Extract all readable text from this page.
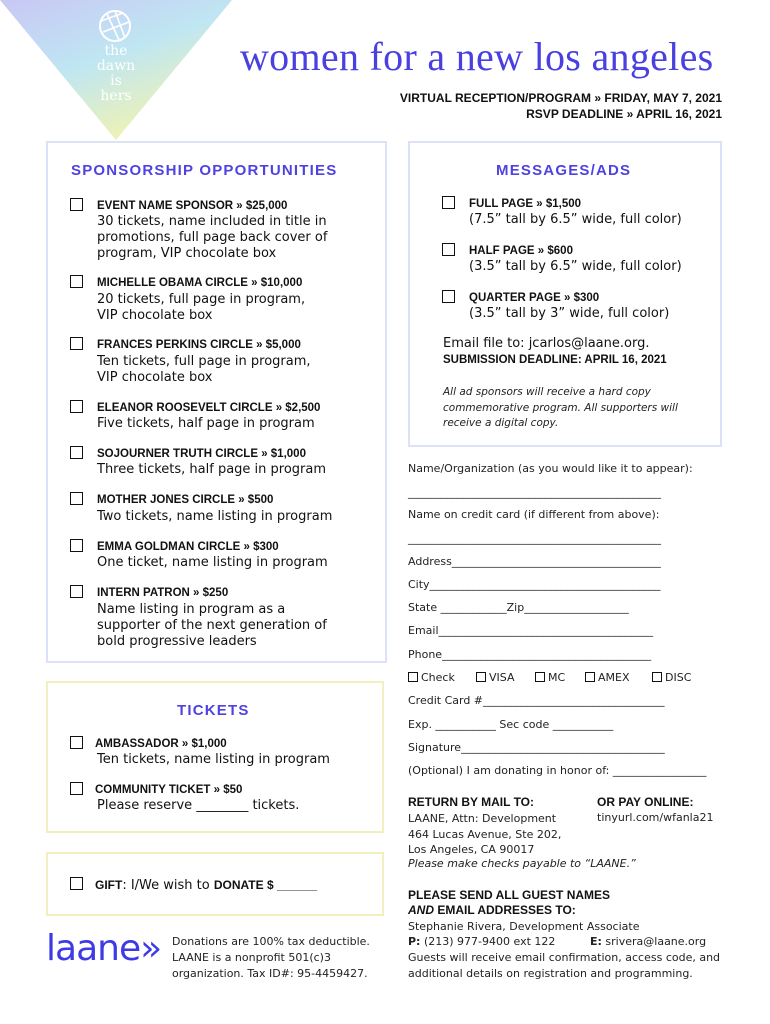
the
dawn
is
hers
women for a new los angeles
VIRTUAL RECEPTION/PROGRAM » FRIDAY, MAY 7, 2021
RSVP DEADLINE » APRIL 16, 2021
SPONSORSHIP OPPORTUNITIES
EVENT NAME SPONSOR » $25,000
30 tickets, name included in title in
promotions, full page back cover of
program, VIP chocolate box
MICHELLE OBAMA CIRCLE » $10,000
20 tickets, full page in program,
VIP chocolate box
FRANCES PERKINS CIRCLE » $5,000
Ten tickets, full page in program,
VIP chocolate box
ELEANOR ROOSEVELT CIRCLE » $2,500
Five tickets, half page in program
SOJOURNER TRUTH CIRCLE » $1,000
Three tickets, half page in program
MOTHER JONES CIRCLE » $500
Two tickets, name listing in program
EMMA GOLDMAN CIRCLE » $300
One ticket, name listing in program
INTERN PATRON » $250
Name listing in program as a
supporter of the next generation of
bold progressive leaders
MESSAGES/ADS
FULL PAGE » $1,500
(7.5” tall by 6.5” wide, full color)
HALF PAGE » $600
(3.5” tall by 6.5” wide, full color)
QUARTER PAGE » $300
(3.5” tall by 3” wide, full color)
Email file to: jcarlos@laane.org.
SUBMISSION DEADLINE: APRIL 16, 2021
All ad sponsors will receive a hard copy
commemorative program. All supporters will
receive a digital copy.
TICKETS
AMBASSADOR » $1,000
Ten tickets, name listing in program
COMMUNITY TICKET » $50
Please reserve ________ tickets.
GIFT: I/We wish to DONATE $ ______
laane» Donations are 100% tax deductible.
LAANE is a nonprofit 501(c)3
organization. Tax ID#: 95-4459427.
Name/Organization (as you would like it to appear):
______________________________________________
Name on credit card (if different from above):
______________________________________________
Address______________________________________
City__________________________________________
State ____________Zip___________________
Email_______________________________________
Phone______________________________________
Check	VISA	MC	AMEX	DISC
Credit Card #_________________________________
Exp. ___________ Sec code ___________
Signature_____________________________________
(Optional) I am donating in honor of: _________________
RETURN BY MAIL TO:
LAANE, Attn: Development
464 Lucas Avenue, Ste 202,
Los Angeles, CA 90017
Please make checks payable to “LAANE.”
OR PAY ONLINE:
tinyurl.com/wfanla21
PLEASE SEND ALL GUEST NAMES
AND EMAIL ADDRESSES TO:
Stephanie Rivera, Development Associate
P: (213) 977-9400 ext 122	E: srivera@laane.org
Guests will receive email confirmation, access code, and
additional details on registration and programming.
